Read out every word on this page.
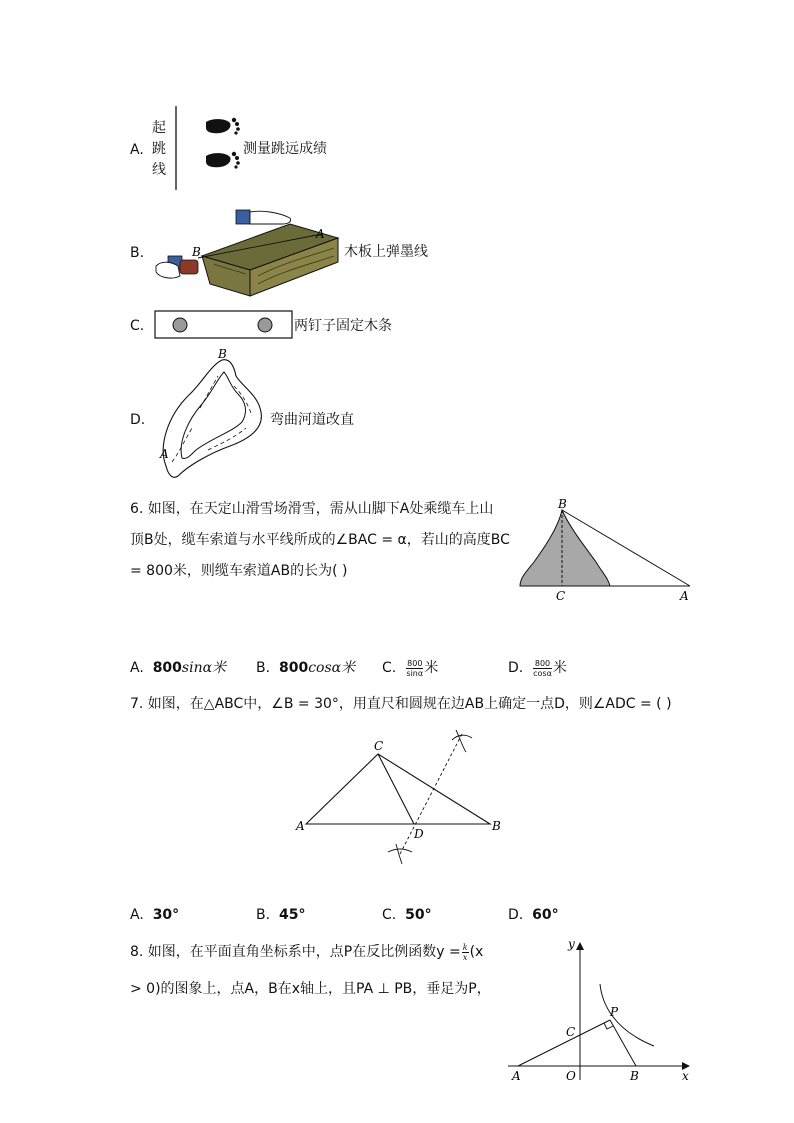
A.
起
跳
线
测量跳远成绩
B.	B
A
木板上弹墨线
C.	两钉子固定木条
D.
B
A
弯曲河道改直
6. 如图，在天定山滑雪场滑雪，需从山脚下A处乘缆车上山
顶B处，缆车索道与水平线所成的∠BAC = α，若山的高度BC
= 800米，则缆车索道AB的长为( )
B
C	A
A. 800sinα米 B. 800cosα米 C. $\frac{800}{\sin\alpha}$ 米	D. $\frac{800}{\cos\alpha}$ 米
7. 如图，在△ABC中，∠B = 30°，用直尺和圆规在边AB上确定一点D，则∠ADC = ( )
C
A	B
D
A. 30°	B. 45°	C. 50°	D. 60°
8. 如图，在平面直角坐标系中，点P在反比例函数$y = \frac{k}{x} (x$
> 0)的图象上，点A，B在x轴上，且PA ⊥ PB，垂足为P，
y
x
P
C
A	O	B
